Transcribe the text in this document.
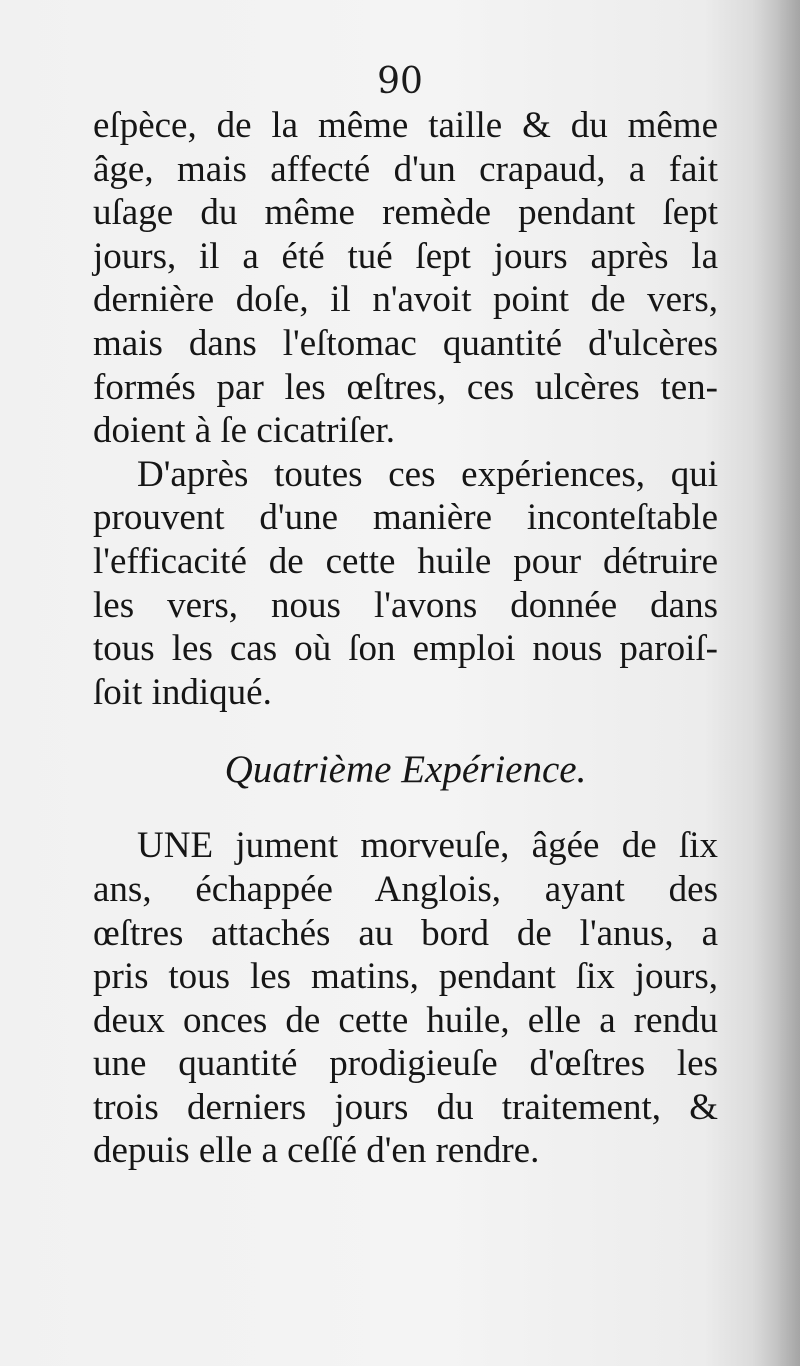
90
eſpèce, de la même taille & du même
âge, mais affecté d'un crapaud, a fait
uſage du même remède pendant ſept
jours, il a été tué ſept jours après la
dernière doſe, il n'avoit point de vers,
mais dans l'eſtomac quantité d'ulcères
formés par les œſtres, ces ulcères ten-
doient à ſe cicatriſer.
D'après toutes ces expériences, qui
prouvent d'une manière inconteſtable
l'efficacité de cette huile pour détruire
les vers, nous l'avons donnée dans
tous les cas où ſon emploi nous paroiſ-
ſoit indiqué.
Quatrième Expérience.
UNE jument morveuſe, âgée de ſix
ans, échappée Anglois, ayant des
œſtres attachés au bord de l'anus, a
pris tous les matins, pendant ſix jours,
deux onces de cette huile, elle a rendu
une quantité prodigieuſe d'œſtres les
trois derniers jours du traitement, &
depuis elle a ceſſé d'en rendre.
